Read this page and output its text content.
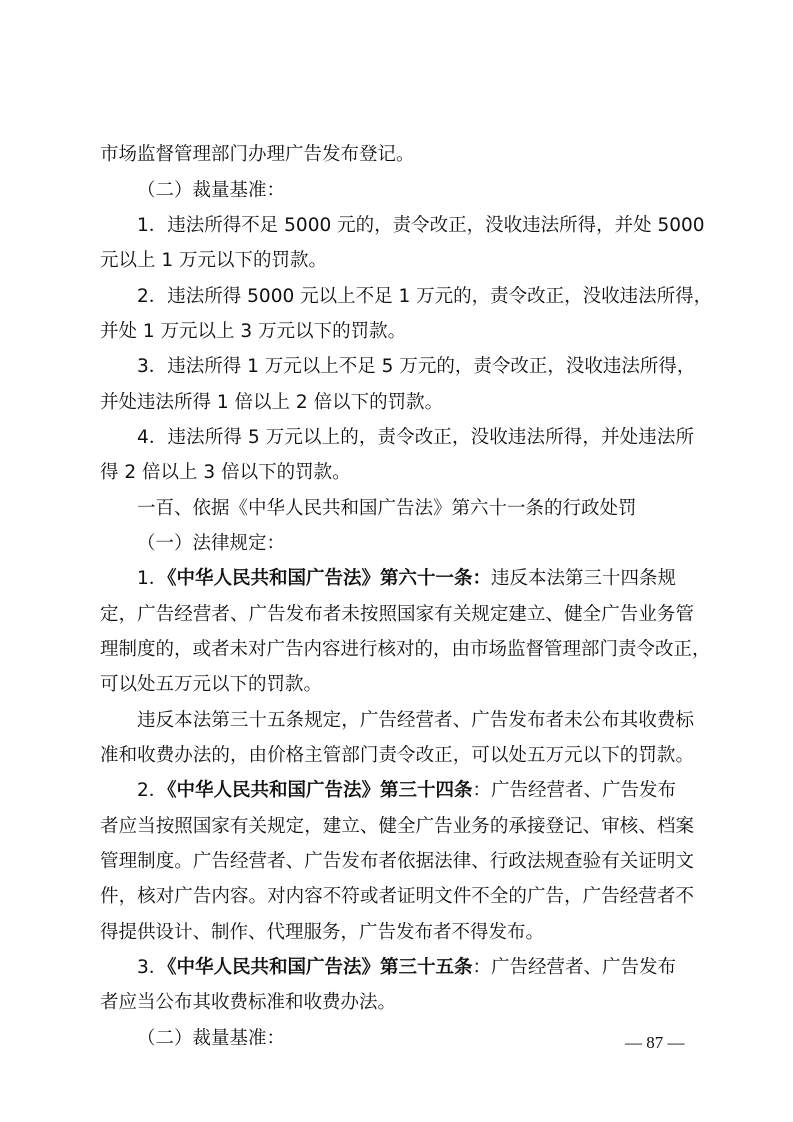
市场监督管理部门办理广告发布登记。
（二）裁量基准：
1．违法所得不足 5000 元的，责令改正，没收违法所得，并处 5000
元以上 1 万元以下的罚款。
2．违法所得 5000 元以上不足 1 万元的，责令改正，没收违法所得，
并处 1 万元以上 3 万元以下的罚款。
3．违法所得 1 万元以上不足 5 万元的，责令改正，没收违法所得，
并处违法所得 1 倍以上 2 倍以下的罚款。
4．违法所得 5 万元以上的，责令改正，没收违法所得，并处违法所
得 2 倍以上 3 倍以下的罚款。
一百、依据《中华人民共和国广告法》第六十一条的行政处罚
（一）法律规定：
1．《中华人民共和国广告法》第六十一条：违反本法第三十四条规
定，广告经营者、广告发布者未按照国家有关规定建立、健全广告业务管
理制度的，或者未对广告内容进行核对的，由市场监督管理部门责令改正，
可以处五万元以下的罚款。
违反本法第三十五条规定，广告经营者、广告发布者未公布其收费标
准和收费办法的，由价格主管部门责令改正，可以处五万元以下的罚款。
2．《中华人民共和国广告法》第三十四条：广告经营者、广告发布
者应当按照国家有关规定，建立、健全广告业务的承接登记、审核、档案
管理制度。广告经营者、广告发布者依据法律、行政法规查验有关证明文
件，核对广告内容。对内容不符或者证明文件不全的广告，广告经营者不
得提供设计、制作、代理服务，广告发布者不得发布。
3．《中华人民共和国广告法》第三十五条：广告经营者、广告发布
者应当公布其收费标准和收费办法。
（二）裁量基准：	— 87 —
